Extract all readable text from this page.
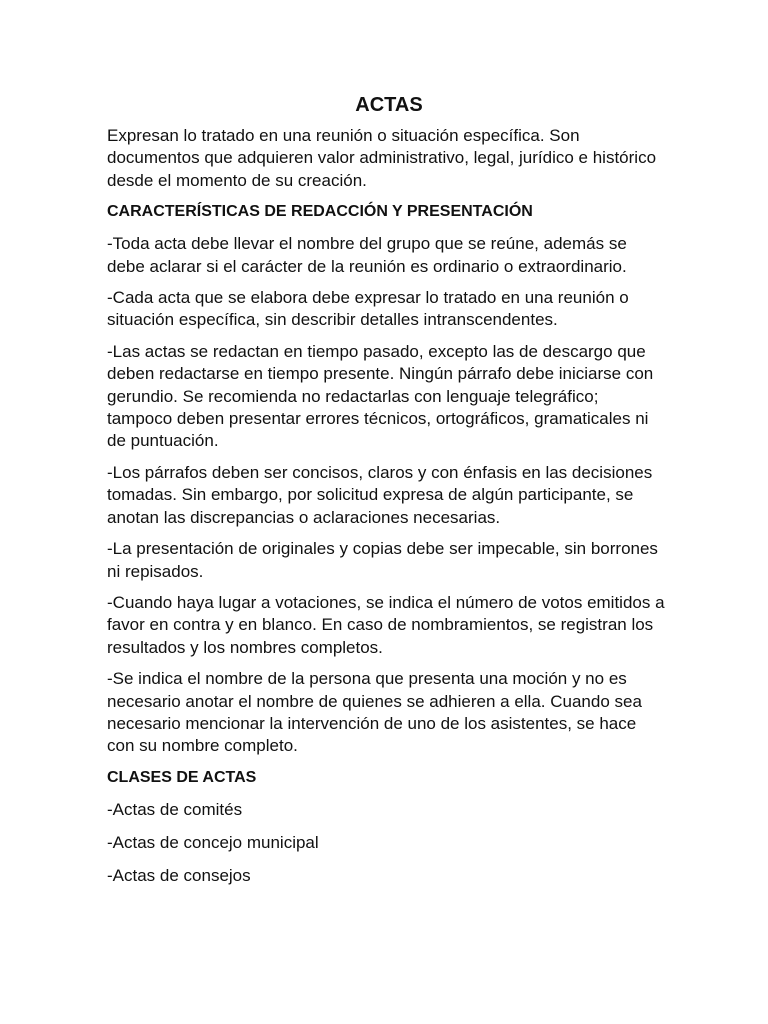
ACTAS

Expresan lo tratado en una reunión o situación específica. Son documentos que adquieren valor administrativo, legal, jurídico e histórico desde el momento de su creación.

CARACTERÍSTICAS DE REDACCIÓN Y PRESENTACIÓN

-Toda acta debe llevar el nombre del grupo que se reúne, además se debe aclarar si el carácter de la reunión es ordinario o extraordinario.

-Cada acta que se elabora debe expresar lo tratado en una reunión o situación específica, sin describir detalles intranscendentes.

-Las actas se redactan en tiempo pasado, excepto las de descargo que deben redactarse en tiempo presente. Ningún párrafo debe iniciarse con gerundio. Se recomienda no redactarlas con lenguaje telegráfico; tampoco deben presentar errores técnicos, ortográficos, gramaticales ni de puntuación.

-Los párrafos deben ser concisos, claros y con énfasis en las decisiones tomadas. Sin embargo, por solicitud expresa de algún participante, se anotan las discrepancias o aclaraciones necesarias.

-La presentación de originales y copias debe ser impecable, sin borrones ni repisados.

-Cuando haya lugar a votaciones, se indica el número de votos emitidos a favor en contra y en blanco. En caso de nombramientos, se registran los resultados y los nombres completos.

-Se indica el nombre de la persona que presenta una moción y no es necesario anotar el nombre de quienes se adhieren a ella. Cuando sea necesario mencionar la intervención de uno de los asistentes, se hace con su nombre completo.

CLASES DE ACTAS

-Actas de comités

-Actas de concejo municipal

-Actas de consejos
